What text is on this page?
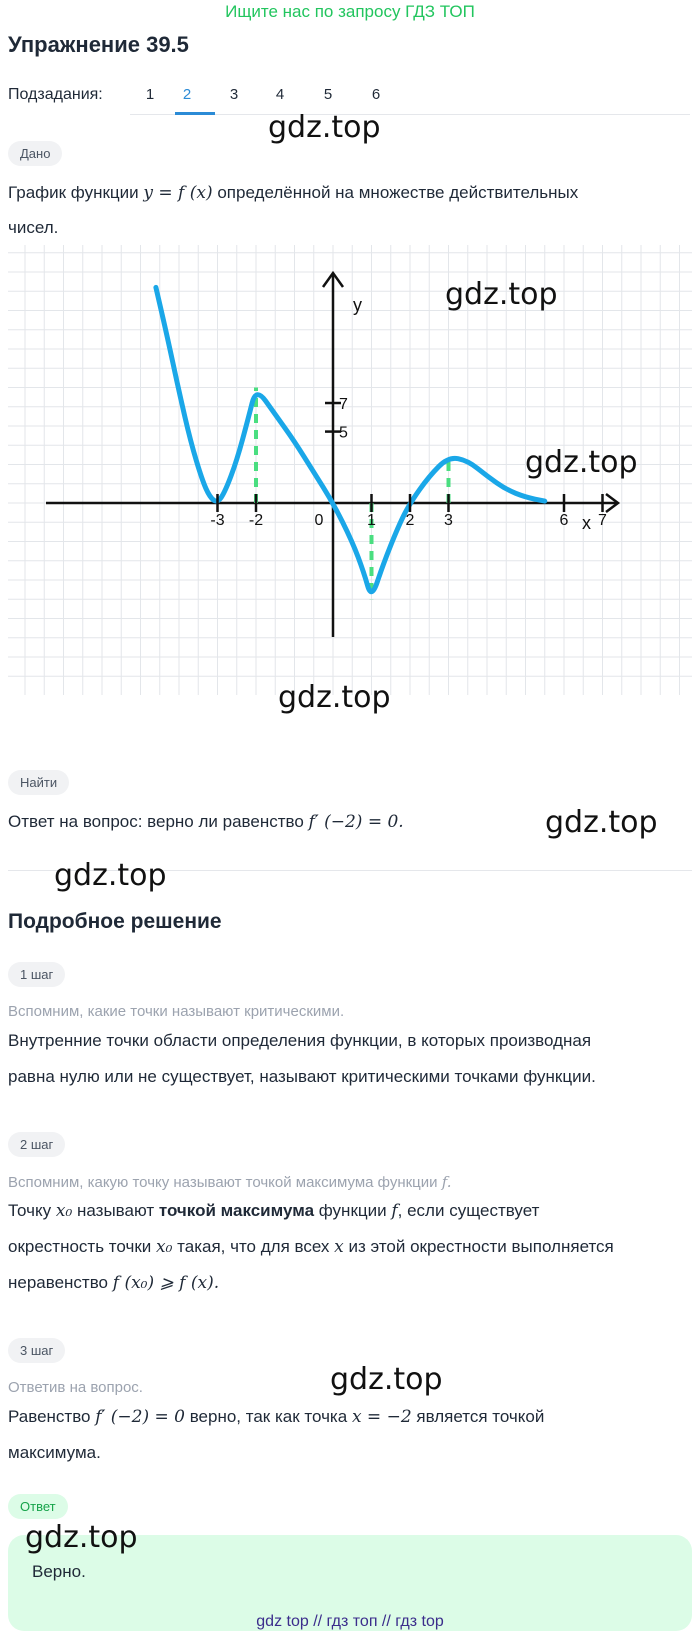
Ищите нас по запросу ГДЗ ТОП
Упражнение 39.5
Подзадания:	1	2	3	4	5	6
gdz.top
Дано
График функции y = f (x) определённой на множестве действительных
чисел.
-3 -2	0	1 2 3	6 7
5
7
y
x
gdz.top
gdz.top
gdz.top
Найти
Ответ на вопрос: верно ли равенство f′ (−2) = 0.	gdz.top
gdz.top
Подробное решение
1 шаг
Вспомним, какие точки называют критическими.
Внутренние точки области определения функции, в которых производная
равна нулю или не существует, называют критическими точками функции.
2 шаг
Вспомним, какую точку называют точкой максимума функции f.
Точку x₀ называют точкой максимума функции f, если существует
окрестность точки x₀ такая, что для всех x из этой окрестности выполняется
неравенство f (x₀) ⩾ f (x).
3 шаг
Ответив на вопрос.	gdz.top
Равенство f′ (−2) = 0 верно, так как точка x = −2 является точкой
максимума.
Ответ
gdz.top
Верно.
gdz top // гдз топ // гдз top
